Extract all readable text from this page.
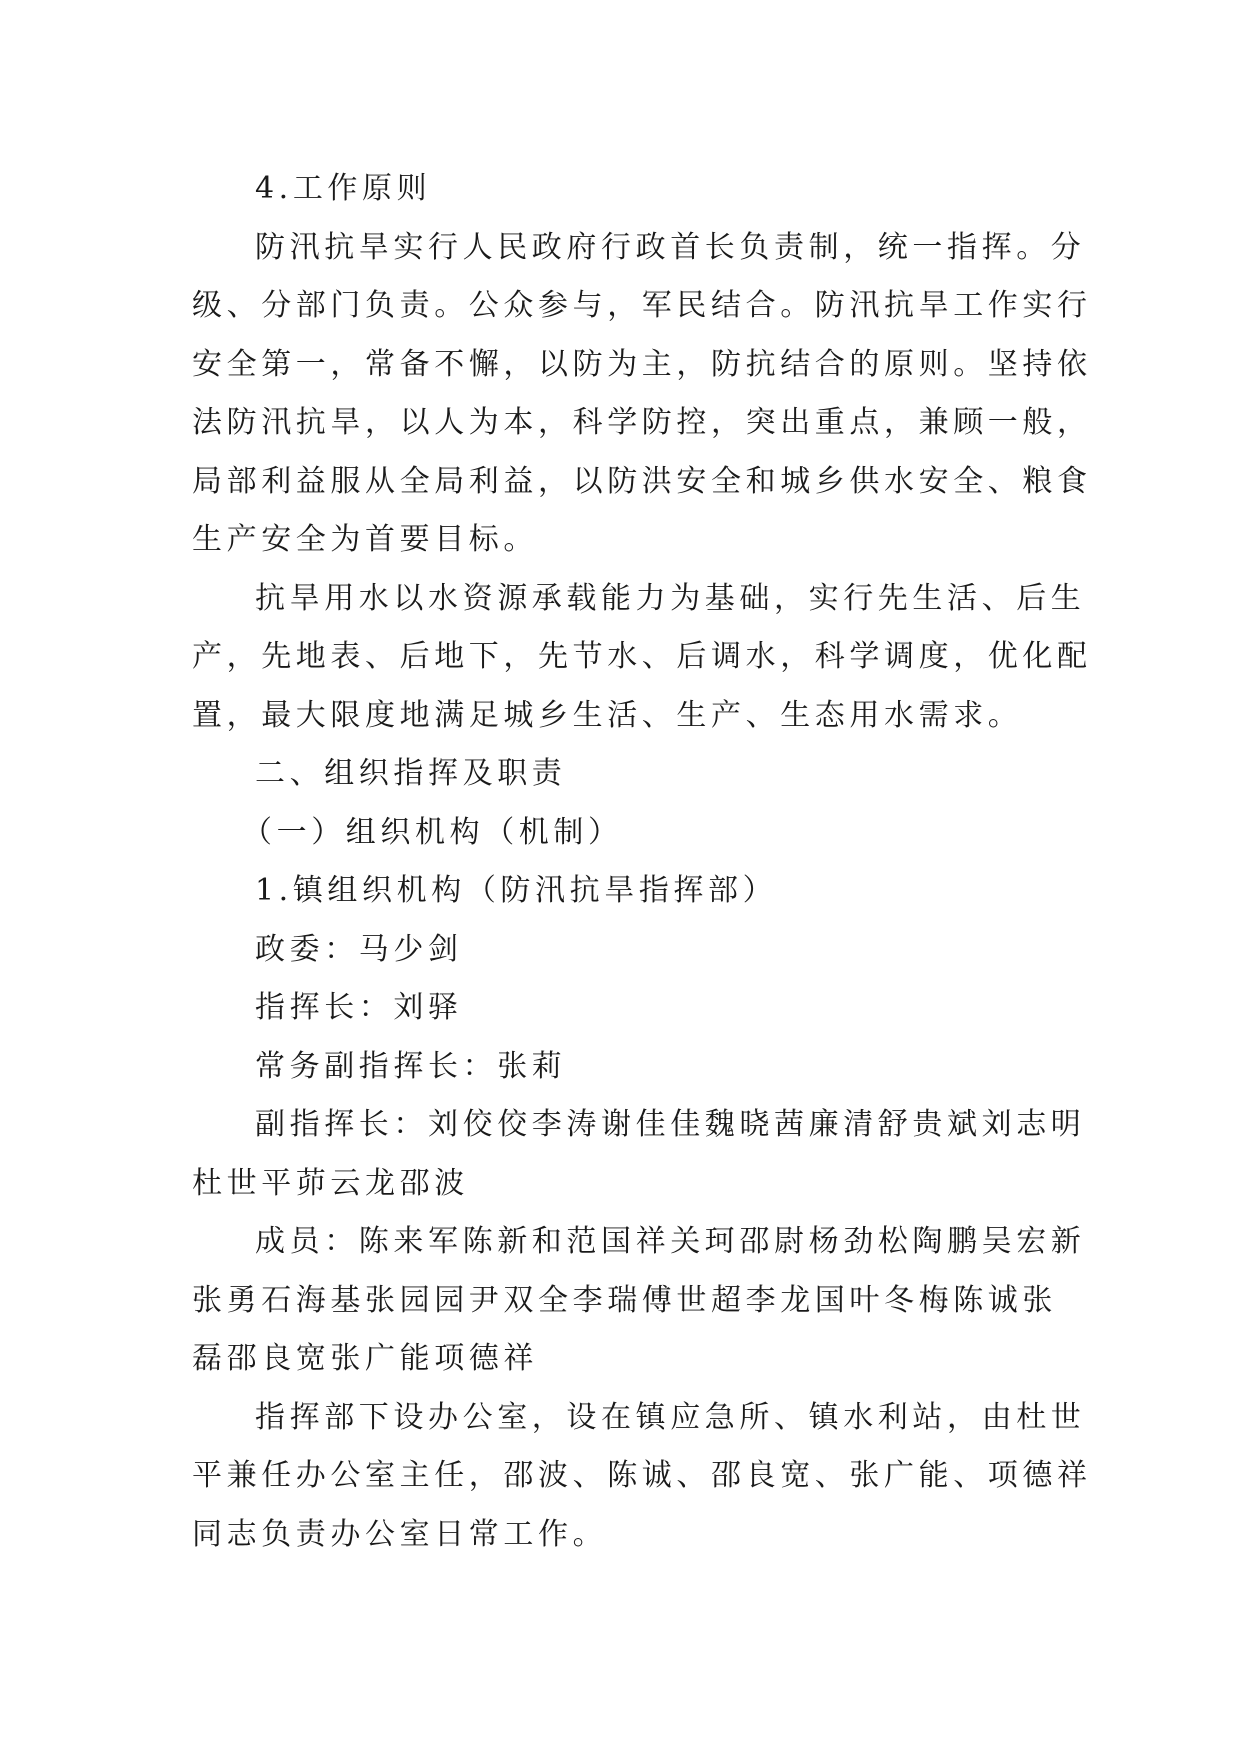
4.工作原则
防汛抗旱实行人民政府行政首长负责制，统一指挥。分
级、分部门负责。公众参与，军民结合。防汛抗旱工作实行
安全第一，常备不懈，以防为主，防抗结合的原则。坚持依
法防汛抗旱，以人为本，科学防控，突出重点，兼顾一般，
局部利益服从全局利益，以防洪安全和城乡供水安全、粮食
生产安全为首要目标。
抗旱用水以水资源承载能力为基础，实行先生活、后生
产，先地表、后地下，先节水、后调水，科学调度，优化配
置，最大限度地满足城乡生活、生产、生态用水需求。
二、组织指挥及职责
（一）组织机构（机制）
1.镇组织机构（防汛抗旱指挥部）
政委：马少剑
指挥长：刘驿
常务副指挥长：张莉
副指挥长：刘佼佼李涛谢佳佳魏晓茜廉清舒贵斌刘志明
杜世平茆云龙邵波
成员：陈来军陈新和范国祥关珂邵尉杨劲松陶鹏吴宏新
张勇石海基张园园尹双全李瑞傅世超李龙国叶冬梅陈诚张
磊邵良宽张广能项德祥
指挥部下设办公室，设在镇应急所、镇水利站，由杜世
平兼任办公室主任，邵波、陈诚、邵良宽、张广能、项德祥
同志负责办公室日常工作。
